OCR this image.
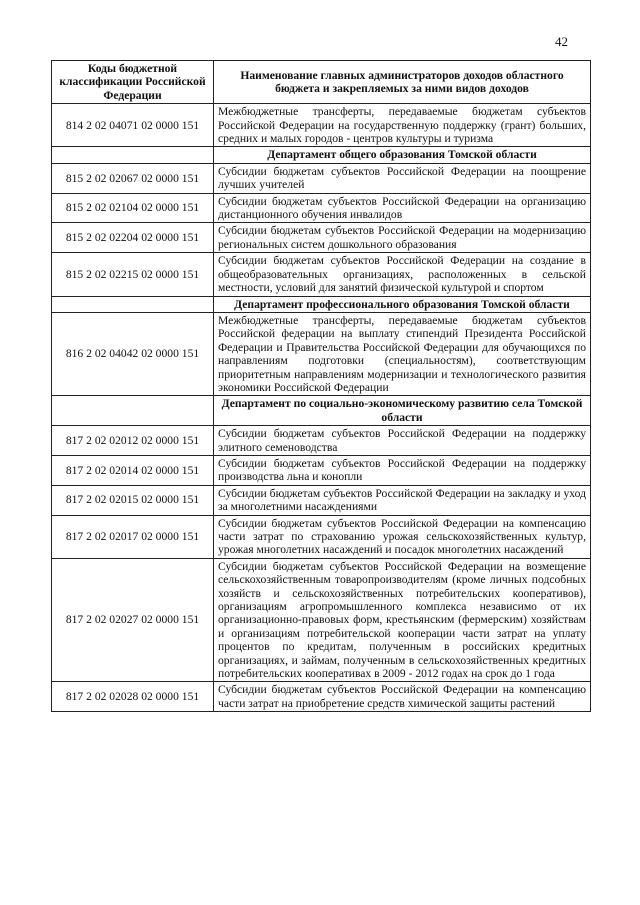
42
Коды бюджетной классификации Российской Федерации	Наименование главных администраторов доходов областного бюджета и закрепляемых за ними видов доходов
814 2 02 04071 02 0000 151	Межбюджетные трансферты, передаваемые бюджетам субъектов Российской Федерации на государственную поддержку (грант) больших, средних и малых городов - центров культуры и туризма
	Департамент общего образования Томской области
815 2 02 02067 02 0000 151	Субсидии бюджетам субъектов Российской Федерации на поощрение лучших учителей
815 2 02 02104 02 0000 151	Субсидии бюджетам субъектов Российской Федерации на организацию дистанционного обучения инвалидов
815 2 02 02204 02 0000 151	Субсидии бюджетам субъектов Российской Федерации на модернизацию региональных систем дошкольного образования
815 2 02 02215 02 0000 151	Субсидии бюджетам субъектов Российской Федерации на создание в общеобразовательных организациях, расположенных в сельской местности, условий для занятий физической культурой и спортом
	Департамент профессионального образования Томской области
816 2 02 04042 02 0000 151	Межбюджетные трансферты, передаваемые бюджетам субъектов Российской федерации на выплату стипендий Президента Российской Федерации и Правительства Российской Федерации для обучающихся по направлениям подготовки (специальностям), соответствующим приоритетным направлениям модернизации и технологического развития экономики Российской Федерации
	Департамент по социально-экономическому развитию села Томской области
817 2 02 02012 02 0000 151	Субсидии бюджетам субъектов Российской Федерации на поддержку элитного семеноводства
817 2 02 02014 02 0000 151	Субсидии бюджетам субъектов Российской Федерации на поддержку производства льна и конопли
817 2 02 02015 02 0000 151	Субсидии бюджетам субъектов Российской Федерации на закладку и уход за многолетними насаждениями
817 2 02 02017 02 0000 151	Субсидии бюджетам субъектов Российской Федерации на компенсацию части затрат по страхованию урожая сельскохозяйственных культур, урожая многолетних насаждений и посадок многолетних насаждений
817 2 02 02027 02 0000 151	Субсидии бюджетам субъектов Российской Федерации на возмещение сельскохозяйственным товаропроизводителям (кроме личных подсобных хозяйств и сельскохозяйственных потребительских кооперативов), организациям агропромышленного комплекса независимо от их организационно-правовых форм, крестьянским (фермерским) хозяйствам и организациям потребительской кооперации части затрат на уплату процентов по кредитам, полученным в российских кредитных организациях, и займам, полученным в сельскохозяйственных кредитных потребительских кооперативах в 2009 - 2012 годах на срок до 1 года
817 2 02 02028 02 0000 151	Субсидии бюджетам субъектов Российской Федерации на компенсацию части затрат на приобретение средств химической защиты растений
